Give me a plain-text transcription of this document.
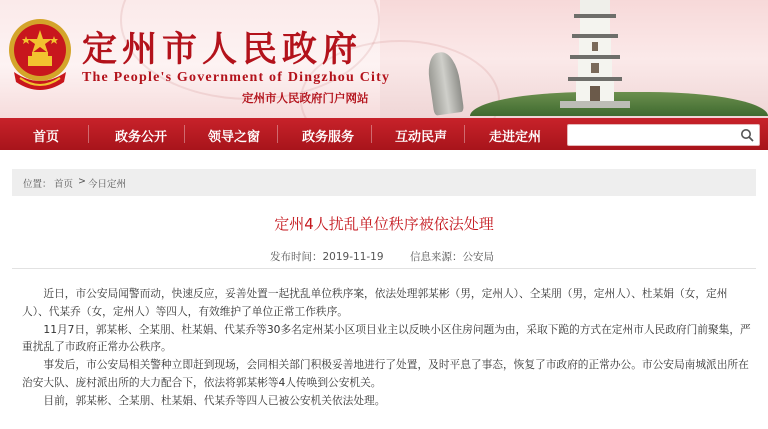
定州市人民政府
The People's Government of Dingzhou City
定州市人民政府门户网站
首页	政务公开	领导之窗	政务服务	互动民声	走进定州
位置： 首页 > 今日定州
定州4人扰乱单位秩序被依法处理
发布时间：2019-11-19	信息来源：公安局

近日，市公安局闻警而动，快速反应，妥善处置一起扰乱单位秩序案，依法处理郭某彬（男，定州人）、仝某朋（男，定州人）、杜某娟（女，定州人）、代某乔（女，定州人）等四人，有效维护了单位正常工作秩序。

11月7日，郭某彬、仝某朋、杜某娟、代某乔等30多名定州某小区项目业主以反映小区住房问题为由，采取下跪的方式在定州市人民政府门前聚集，严重扰乱了市政府正常办公秩序。

事发后，市公安局相关警种立即赶到现场，会同相关部门积极妥善地进行了处置，及时平息了事态，恢复了市政府的正常办公。市公安局南城派出所在治安大队、庞村派出所的大力配合下，依法将郭某彬等4人传唤到公安机关。

目前，郭某彬、仝某朋、杜某娟、代某乔等四人已被公安机关依法处理。
